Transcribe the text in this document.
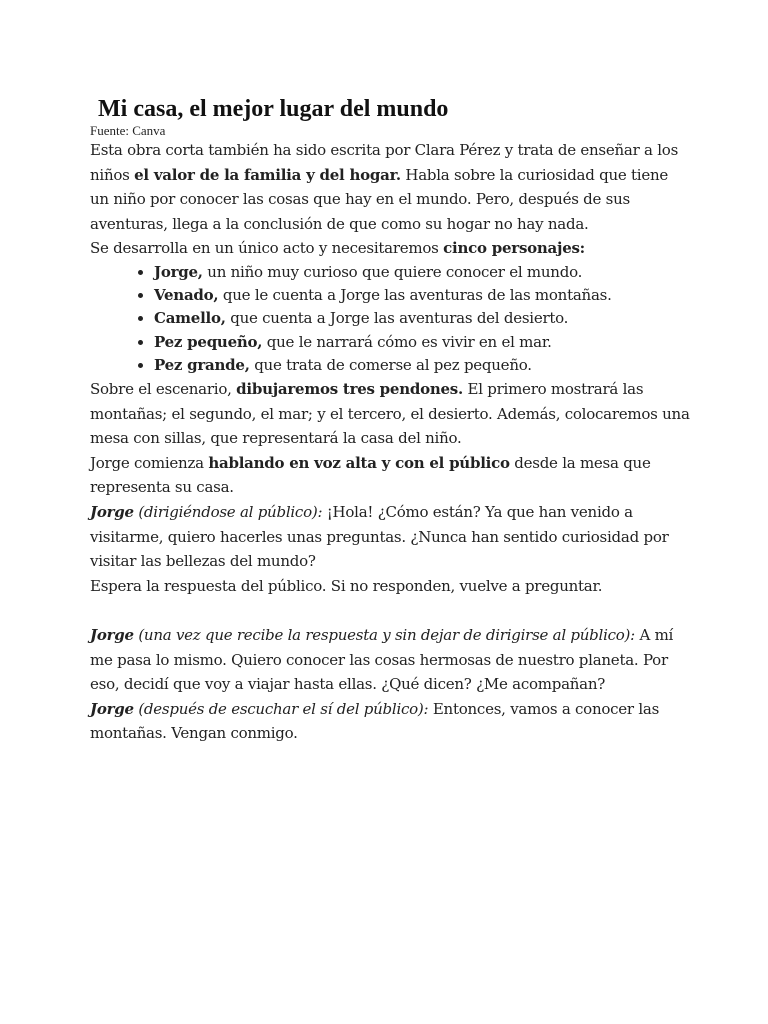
Mi casa, el mejor lugar del mundo
Fuente: Canva

Esta obra corta también ha sido escrita por Clara Pérez y trata de enseñar a los niños el valor de la familia y del hogar. Habla sobre la curiosidad que tiene un niño por conocer las cosas que hay en el mundo. Pero, después de sus aventuras, llega a la conclusión de que como su hogar no hay nada.

Se desarrolla en un único acto y necesitaremos cinco personajes:

• Jorge, un niño muy curioso que quiere conocer el mundo.
• Venado, que le cuenta a Jorge las aventuras de las montañas.
• Camello, que cuenta a Jorge las aventuras del desierto.
• Pez pequeño, que le narrará cómo es vivir en el mar.
• Pez grande, que trata de comerse al pez pequeño.

Sobre el escenario, dibujaremos tres pendones. El primero mostrará las montañas; el segundo, el mar; y el tercero, el desierto. Además, colocaremos una mesa con sillas, que representará la casa del niño.

Jorge comienza hablando en voz alta y con el público desde la mesa que representa su casa.

Jorge (dirigiéndose al público): ¡Hola! ¿Cómo están? Ya que han venido a visitarme, quiero hacerles unas preguntas. ¿Nunca han sentido curiosidad por visitar las bellezas del mundo?

Espera la respuesta del público. Si no responden, vuelve a preguntar.

Jorge (una vez que recibe la respuesta y sin dejar de dirigirse al público): A mí me pasa lo mismo. Quiero conocer las cosas hermosas de nuestro planeta. Por eso, decidí que voy a viajar hasta ellas. ¿Qué dicen? ¿Me acompañan?

Jorge (después de escuchar el sí del público): Entonces, vamos a conocer las montañas. Vengan conmigo.
